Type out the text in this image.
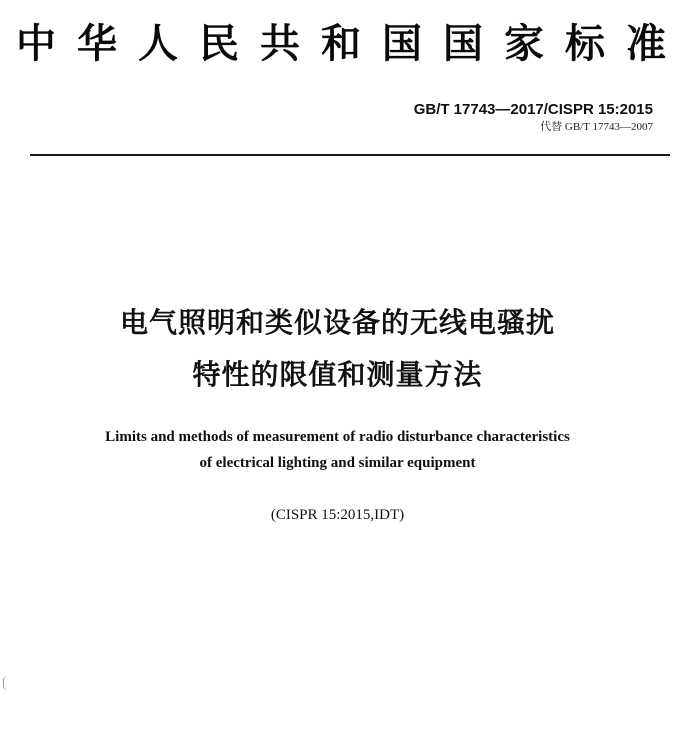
中 华 人 民 共 和 国 国 家 标 准
GB/T 17743—2017/CISPR 15:2015
代替 GB/T 17743—2007
电气照明和类似设备的无线电骚扰
特性的限值和测量方法
Limits and methods of measurement of radio disturbance characteristics
of electrical lighting and similar equipment
(CISPR 15:2015,IDT)
